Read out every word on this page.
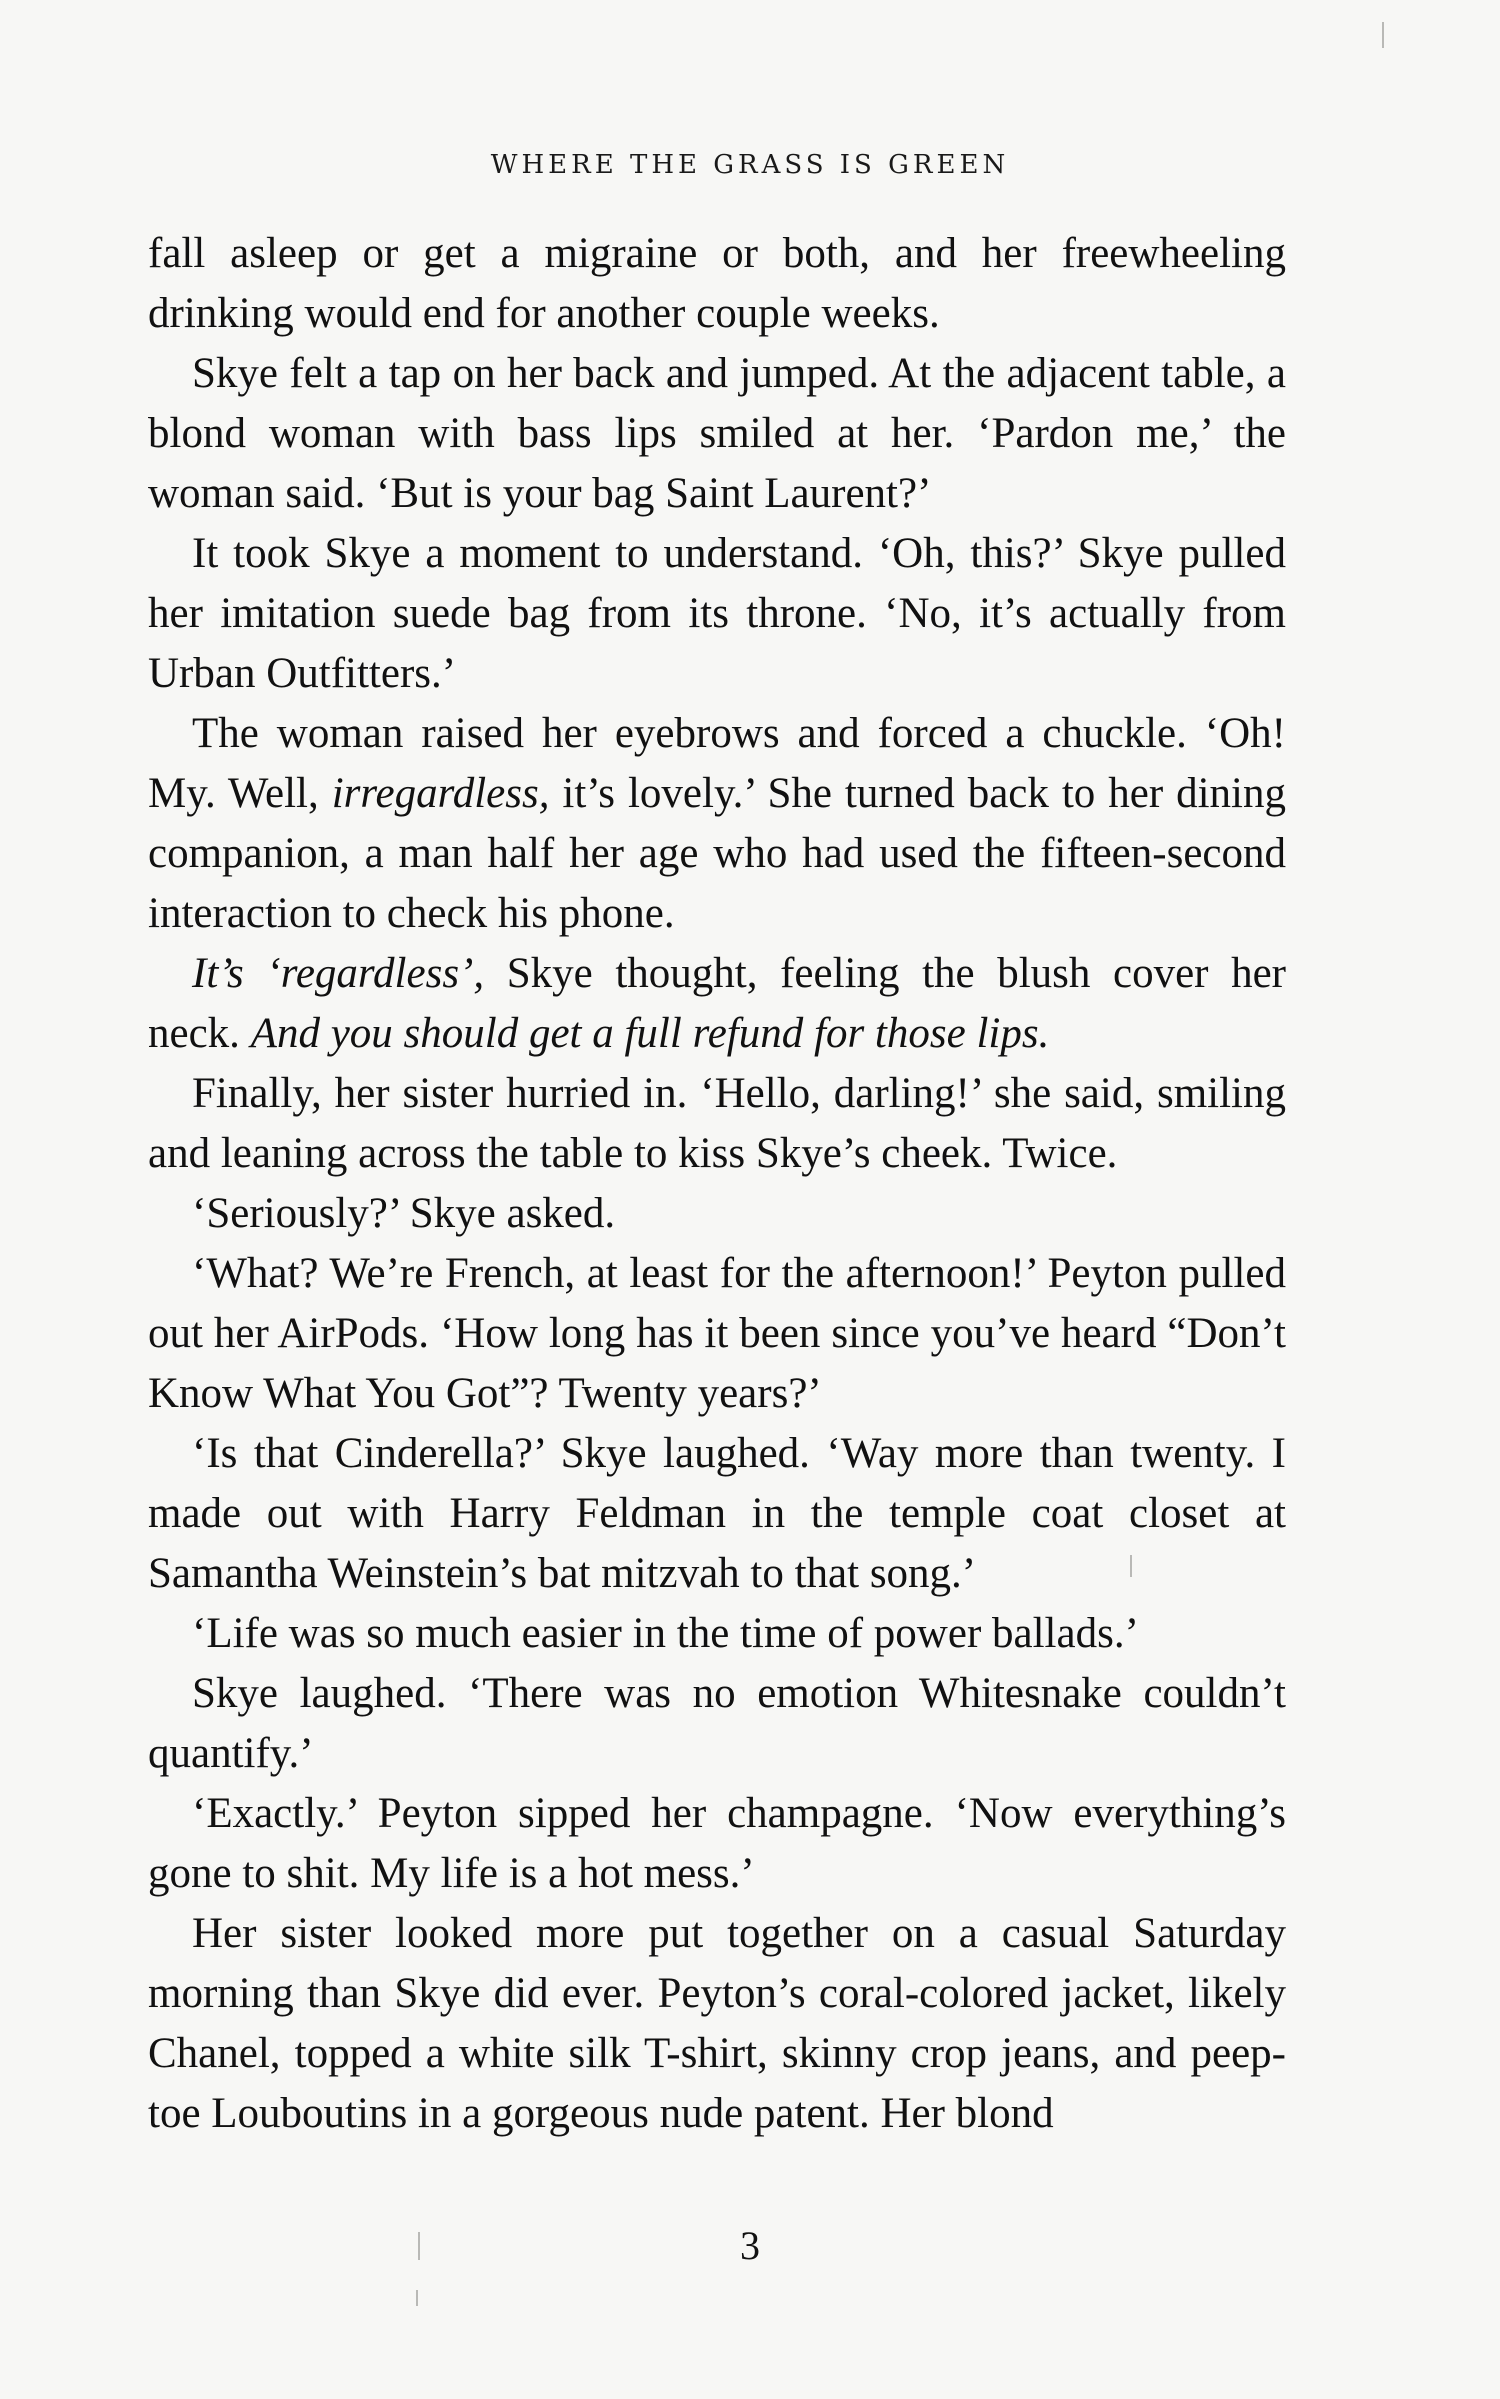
WHERE THE GRASS IS GREEN

fall asleep or get a migraine or both, and her freewheeling drinking would end for another couple weeks.

Skye felt a tap on her back and jumped. At the adjacent table, a blond woman with bass lips smiled at her. ‘Pardon me,’ the woman said. ‘But is your bag Saint Laurent?’

It took Skye a moment to understand. ‘Oh, this?’ Skye pulled her imitation suede bag from its throne. ‘No, it’s actually from Urban Outfitters.’

The woman raised her eyebrows and forced a chuckle. ‘Oh! My. Well, irregardless, it’s lovely.’ She turned back to her dining companion, a man half her age who had used the fifteen-second interaction to check his phone.

It’s ‘regardless’, Skye thought, feeling the blush cover her neck. And you should get a full refund for those lips.

Finally, her sister hurried in. ‘Hello, darling!’ she said, smiling and leaning across the table to kiss Skye’s cheek. Twice.

‘Seriously?’ Skye asked.

‘What? We’re French, at least for the afternoon!’ Peyton pulled out her AirPods. ‘How long has it been since you’ve heard “Don’t Know What You Got”? Twenty years?’

‘Is that Cinderella?’ Skye laughed. ‘Way more than twenty. I made out with Harry Feldman in the temple coat closet at Samantha Weinstein’s bat mitzvah to that song.’

‘Life was so much easier in the time of power ballads.’

Skye laughed. ‘There was no emotion Whitesnake couldn’t quantify.’

‘Exactly.’ Peyton sipped her champagne. ‘Now everything’s gone to shit. My life is a hot mess.’

Her sister looked more put together on a casual Saturday morning than Skye did ever. Peyton’s coral-colored jacket, likely Chanel, topped a white silk T-shirt, skinny crop jeans, and peep-toe Louboutins in a gorgeous nude patent. Her blond

3
